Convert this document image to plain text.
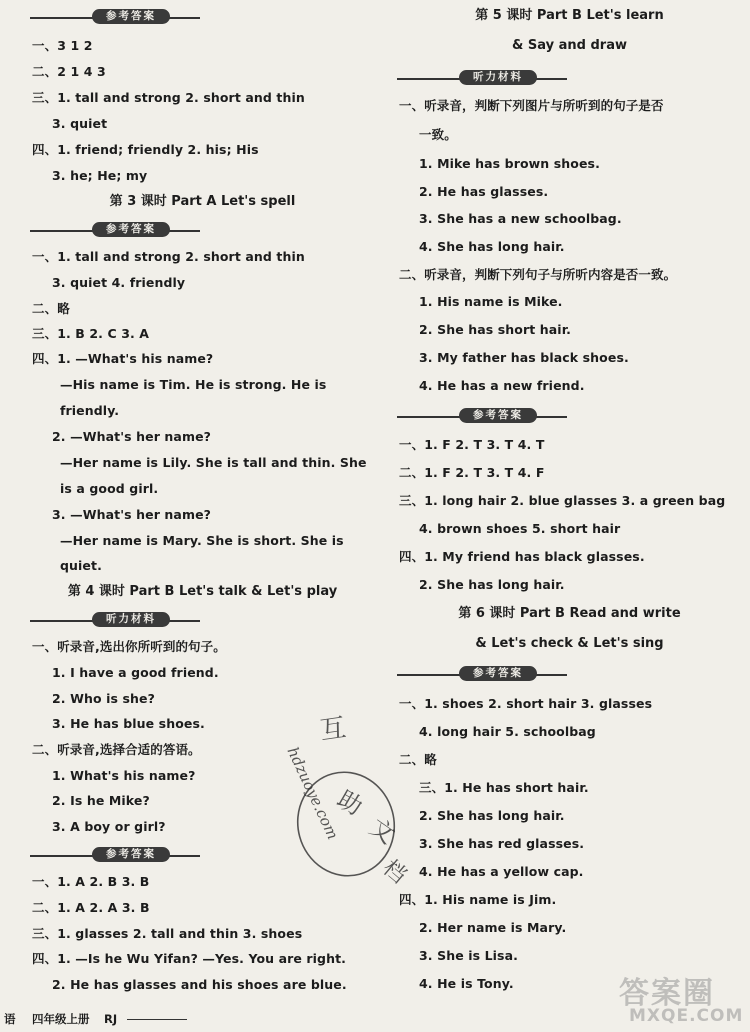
参考答案
一、3 1 2
二、2 1 4 3
三、1. tall and strong 2. short and thin
3. quiet
四、1. friend; friendly 2. his; His
3. he; He; my
第 3 课时 Part A Let's spell
参考答案
一、1. tall and strong 2. short and thin
3. quiet 4. friendly
二、略
三、1. B 2. C 3. A
四、1. —What's his name?
—His name is Tim. He is strong. He is
friendly.
2. —What's her name?
—Her name is Lily. She is tall and thin. She
is a good girl.
3. —What's her name?
—Her name is Mary. She is short. She is
quiet.
第 4 课时 Part B Let's talk & Let's play
听力材料
一、听录音,选出你所听到的句子。
1. I have a good friend.
2. Who is she?
3. He has blue shoes.
二、听录音,选择合适的答语。
1. What's his name?
2. Is he Mike?
3. A boy or girl?
参考答案
一、1. A 2. B 3. B
二、1. A 2. A 3. B
三、1. glasses 2. tall and thin 3. shoes
四、1. —Is he Wu Yifan? —Yes. You are right.
2. He has glasses and his shoes are blue.
第 5 课时 Part B Let's learn
& Say and draw
听力材料
一、听录音，判断下列图片与所听到的句子是否
一致。
1. Mike has brown shoes.
2. He has glasses.
3. She has a new schoolbag.
4. She has long hair.
二、听录音，判断下列句子与所听内容是否一致。
1. His name is Mike.
2. She has short hair.
3. My father has black shoes.
4. He has a new friend.
参考答案
一、1. F 2. T 3. T 4. T
二、1. F 2. T 3. T 4. F
三、1. long hair 2. blue glasses 3. a green bag
4. brown shoes 5. short hair
四、1. My friend has black glasses.
2. She has long hair.
第 6 课时 Part B Read and write
& Let's check & Let's sing
参考答案
一、1. shoes 2. short hair 3. glasses
4. long hair 5. schoolbag
二、略
三、1. He has short hair.
2. She has long hair.
3. She has red glasses.
4. He has a yellow cap.
四、1. His name is Jim.
2. Her name is Mary.
3. She is Lisa.
4. He is Tony.
语 四年级上册 RJ
互
助
文
档
hdzuoye.com
答案圈
MXQE.COM
